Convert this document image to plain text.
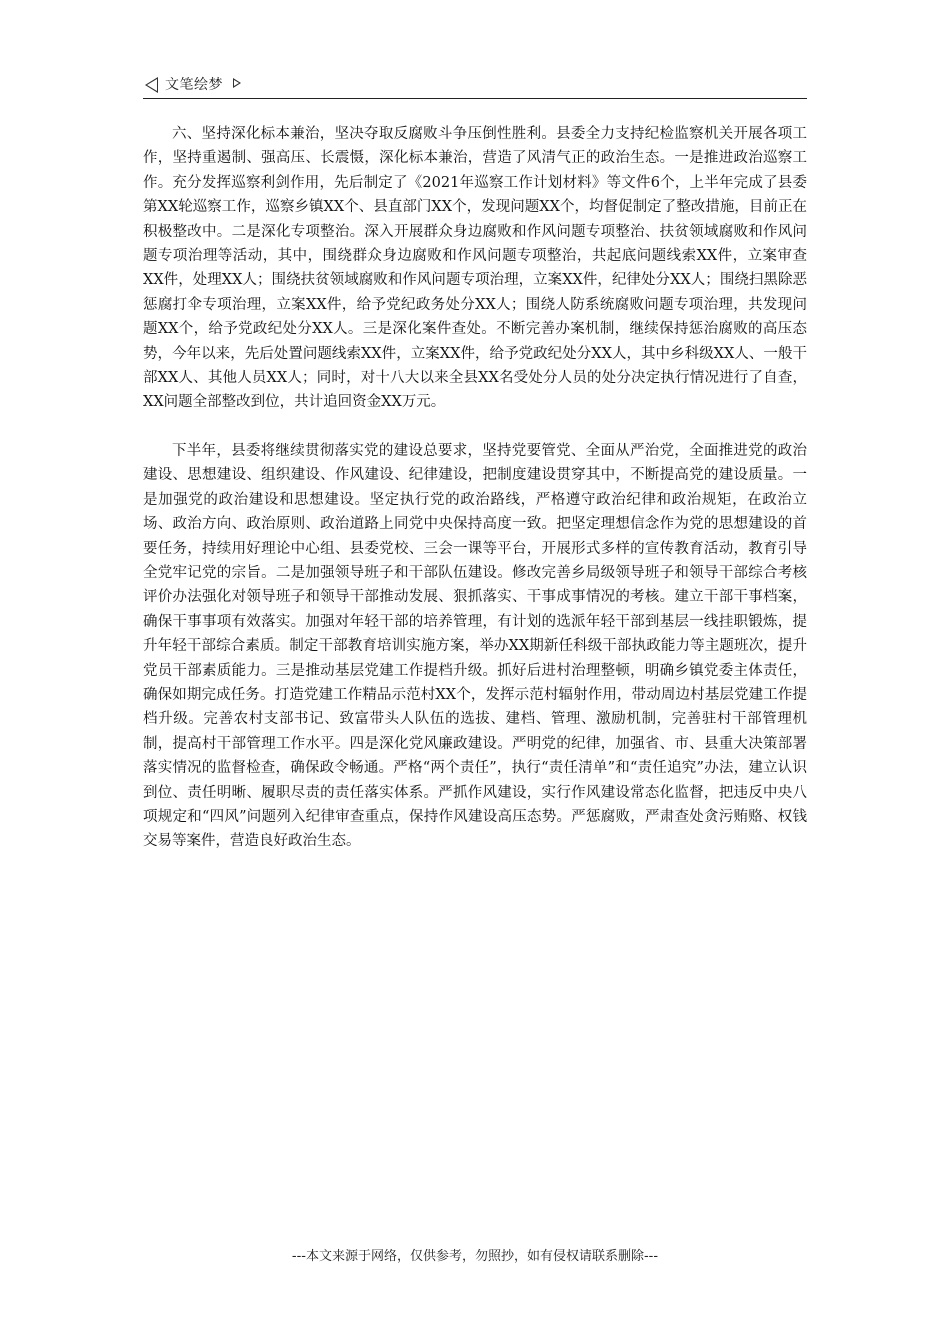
文笔绘梦

六、坚持深化标本兼治，坚决夺取反腐败斗争压倒性胜利。县委全力支持纪检监察机关开展各项工作，坚持重遏制、强高压、长震慑，深化标本兼治，营造了风清气正的政治生态。一是推进政治巡察工作。充分发挥巡察利剑作用，先后制定了《2021年巡察工作计划材料》等文件6个，上半年完成了县委第XX轮巡察工作，巡察乡镇XX个、县直部门XX个，发现问题XX个，均督促制定了整改措施，目前正在积极整改中。二是深化专项整治。深入开展群众身边腐败和作风问题专项整治、扶贫领域腐败和作风问题专项治理等活动，其中，围绕群众身边腐败和作风问题专项整治，共起底问题线索XX件，立案审查XX件，处理XX人；围绕扶贫领域腐败和作风问题专项治理，立案XX件，纪律处分XX人；围绕扫黑除恶惩腐打伞专项治理，立案XX件，给予党纪政务处分XX人；围绕人防系统腐败问题专项治理，共发现问题XX个，给予党政纪处分XX人。三是深化案件查处。不断完善办案机制，继续保持惩治腐败的高压态势，今年以来，先后处置问题线索XX件，立案XX件，给予党政纪处分XX人，其中乡科级XX人、一般干部XX人、其他人员XX人；同时，对十八大以来全县XX名受处分人员的处分决定执行情况进行了自查，XX问题全部整改到位，共计追回资金XX万元。

下半年，县委将继续贯彻落实党的建设总要求，坚持党要管党、全面从严治党，全面推进党的政治建设、思想建设、组织建设、作风建设、纪律建设，把制度建设贯穿其中，不断提高党的建设质量。一是加强党的政治建设和思想建设。坚定执行党的政治路线，严格遵守政治纪律和政治规矩，在政治立场、政治方向、政治原则、政治道路上同党中央保持高度一致。把坚定理想信念作为党的思想建设的首要任务，持续用好理论中心组、县委党校、三会一课等平台，开展形式多样的宣传教育活动，教育引导全党牢记党的宗旨。二是加强领导班子和干部队伍建设。修改完善乡局级领导班子和领导干部综合考核评价办法强化对领导班子和领导干部推动发展、狠抓落实、干事成事情况的考核。建立干部干事档案，确保干事事项有效落实。加强对年轻干部的培养管理，有计划的选派年轻干部到基层一线挂职锻炼，提升年轻干部综合素质。制定干部教育培训实施方案，举办XX期新任科级干部执政能力等主题班次，提升党员干部素质能力。三是推动基层党建工作提档升级。抓好后进村治理整顿，明确乡镇党委主体责任，确保如期完成任务。打造党建工作精品示范村XX个，发挥示范村辐射作用，带动周边村基层党建工作提档升级。完善农村支部书记、致富带头人队伍的选拔、建档、管理、激励机制，完善驻村干部管理机制，提高村干部管理工作水平。四是深化党风廉政建设。严明党的纪律，加强省、市、县重大决策部署落实情况的监督检查，确保政令畅通。严格“两个责任”，执行“责任清单”和“责任追究”办法，建立认识到位、责任明晰、履职尽责的责任落实体系。严抓作风建设，实行作风建设常态化监督，把违反中央八项规定和“四风”问题列入纪律审查重点，保持作风建设高压态势。严惩腐败，严肃查处贪污贿赂、权钱交易等案件，营造良好政治生态。

---本文来源于网络，仅供参考，勿照抄，如有侵权请联系删除---
